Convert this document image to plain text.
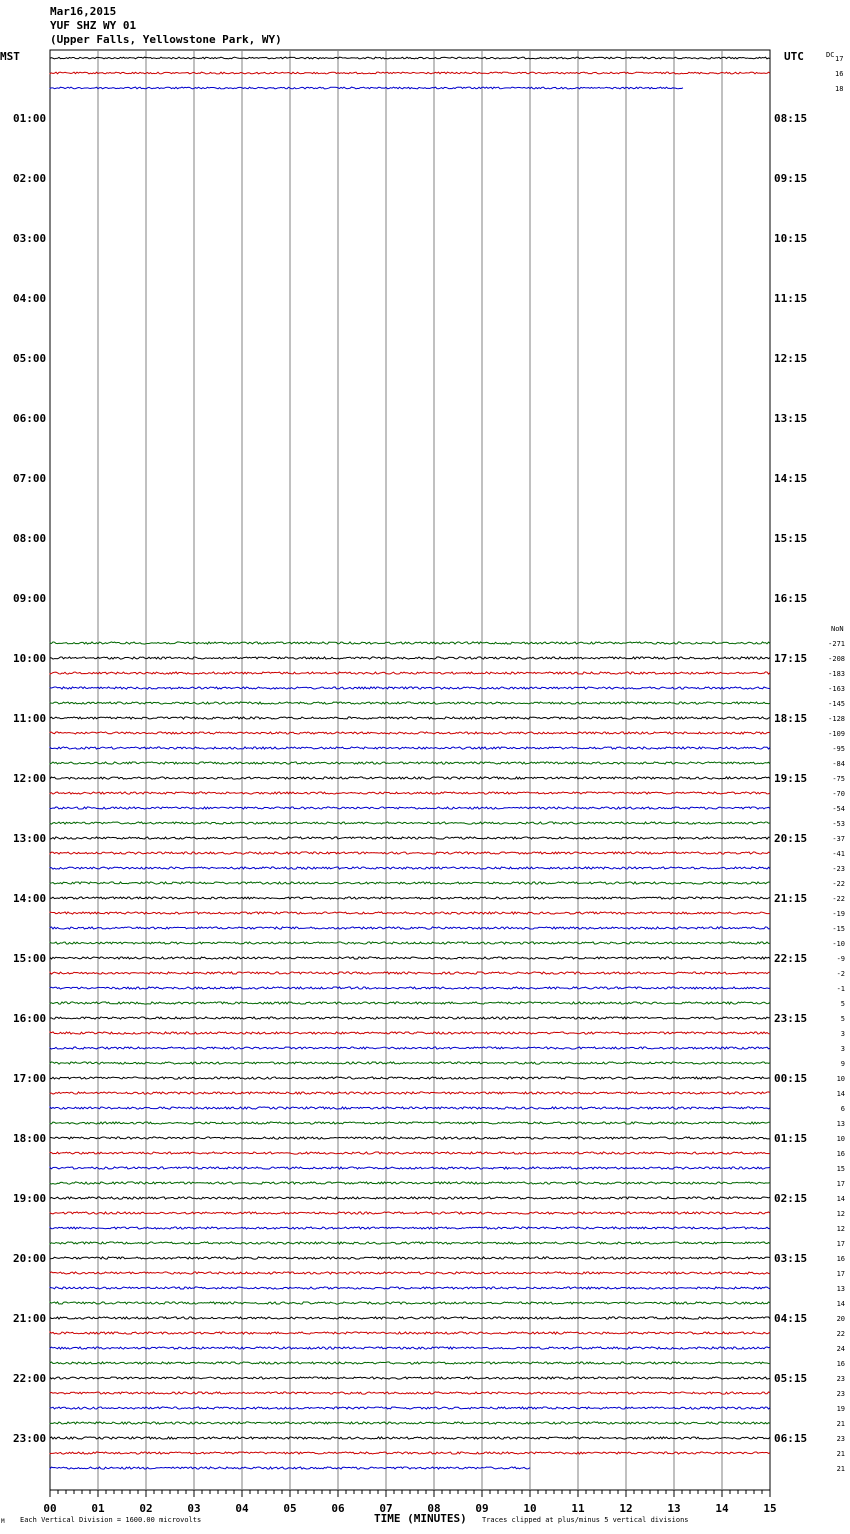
Mar16,2015
YUF SHZ WY 01
(Upper Falls, Yellowstone Park, WY)
00	01	02	03	04	05	06	07	08	09	10	11	12	13	14	15
MST	UTC	DC
NoN
01:00
02:00
03:00
04:00
05:00
06:00
07:00
08:00
09:00
10:00
11:00
12:00
13:00
14:00
15:00
16:00
17:00
18:00
19:00
20:00
21:00
22:00
23:00
08:15
09:15
10:15
11:15
12:15
13:15
14:15
15:15
16:15
17:15
18:15
19:15
20:15
21:15
22:15
23:15
00:15
01:15
02:15
03:15
04:15
05:15
06:15
17
16
18
-271
-208
-183
-163
-145
-128
-109
-95
-84
-75
-70
-54
-53
-37
-41
-23
-22
-22
-19
-15
-10
-9
-2
-1
5
5
3
3
9
10
14
6
13
10
16
15
17
14
12
12
17
16
17
13
14
20
22
24
16
23
23
19
21
23
21
21
M Each Vertical Division = 1600.00 microvolts	TIME (MINUTES) Traces clipped at plus/minus 5 vertical divisions
